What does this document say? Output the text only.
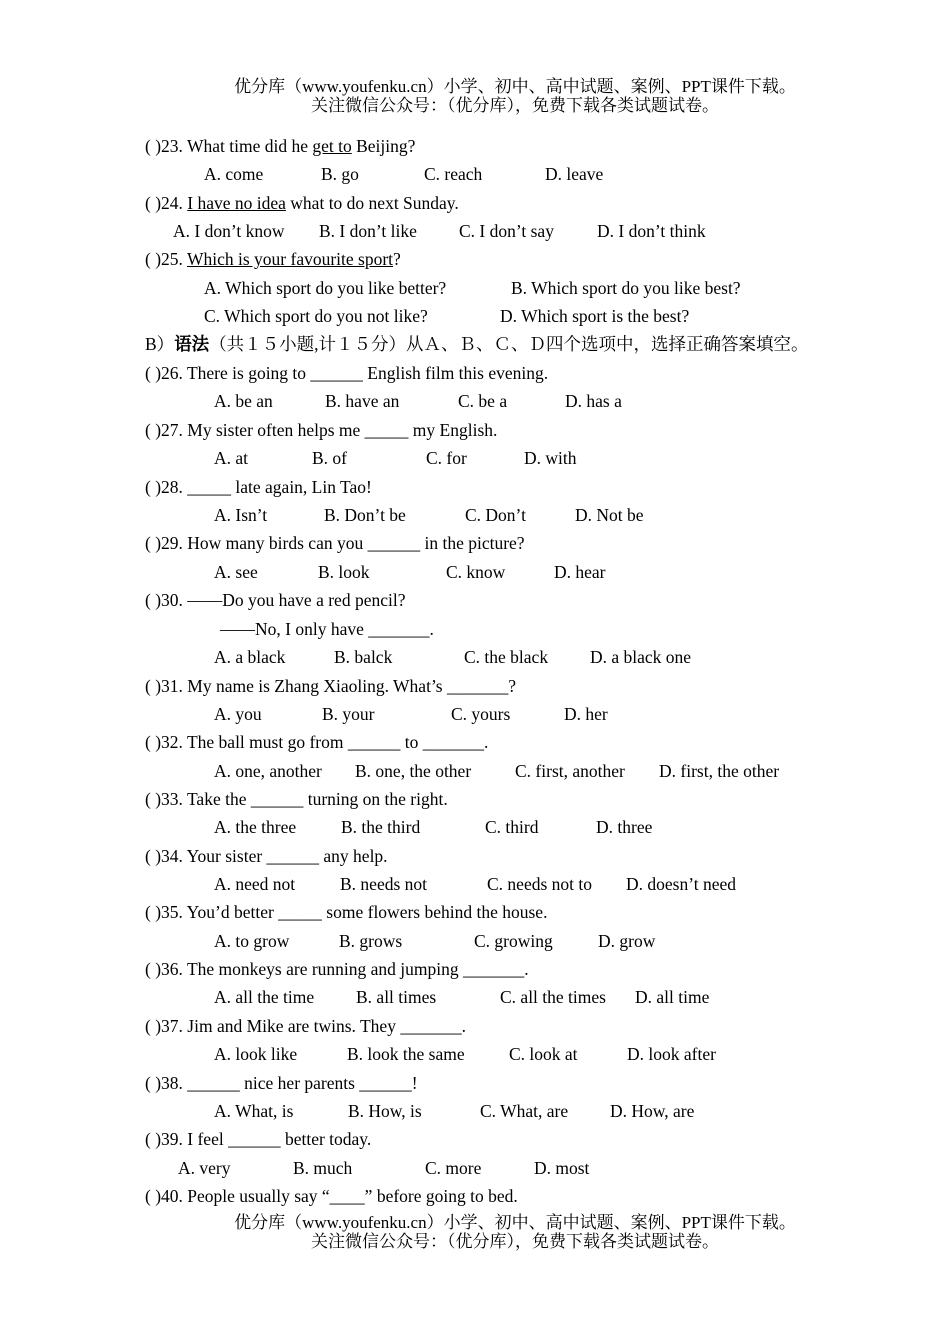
优分库（www.youfenku.cn）小学、初中、高中试题、案例、PPT课件下载。
关注微信公众号：（优分库），免费下载各类试题试卷。
( )23. What time did he get to Beijing?
A. come	B. go	C. reach	D. leave
( )24. I have no idea what to do next Sunday.
A. I don’t know B. I don’t like C. I don’t say D. I don’t think
( )25. Which is your favourite sport?
A. Which sport do you like better?	B. Which sport do you like best?
C. Which sport do you not like?	D. Which sport is the best?
B）语法（共１５小题,计１５分）从Ａ、Ｂ、Ｃ、Ｄ四个选项中，选择正确答案填空。
( )26. There is going to ______ English film this evening.
A. be an	B. have an	C. be a	D. has a
( )27. My sister often helps me _____ my English.
A. at	B. of	C. for	D. with
( )28. _____ late again, Lin Tao!
A. Isn’t	B. Don’t be	C. Don’t	D. Not be
( )29. How many birds can you ______ in the picture?
A. see	B. look	C. know	D. hear
( )30. ——Do you have a red pencil?
——No, I only have _______.
A. a black	B. balck	C. the black D. a black one
( )31. My name is Zhang Xiaoling. What’s _______?
A. you	B. your	C. yours	D. her
( )32. The ball must go from ______ to _______.
A. one, another B. one, the other	C. first, another D. first, the other
( )33. Take the ______ turning on the right.
A. the three	B. the third	C. third	D. three
( )34. Your sister ______ any help.
A. need not	B. needs not	C. needs not to D. doesn’t need
( )35. You’d better _____ some flowers behind the house.
A. to grow	B. grows	C. growing	D. grow
( )36. The monkeys are running and jumping _______.
A. all the time B. all times	C. all the times D. all time
( )37. Jim and Mike are twins. They _______.
A. look like	B. look the same	C. look at	D. look after
( )38. ______ nice her parents ______!
A. What, is	B. How, is	C. What, are D. How, are
( )39. I feel ______ better today.
A. very	B. much	C. more	D. most
( )40. People usually say “____” before going to bed.
优分库（www.youfenku.cn）小学、初中、高中试题、案例、PPT课件下载。
关注微信公众号：（优分库），免费下载各类试题试卷。
